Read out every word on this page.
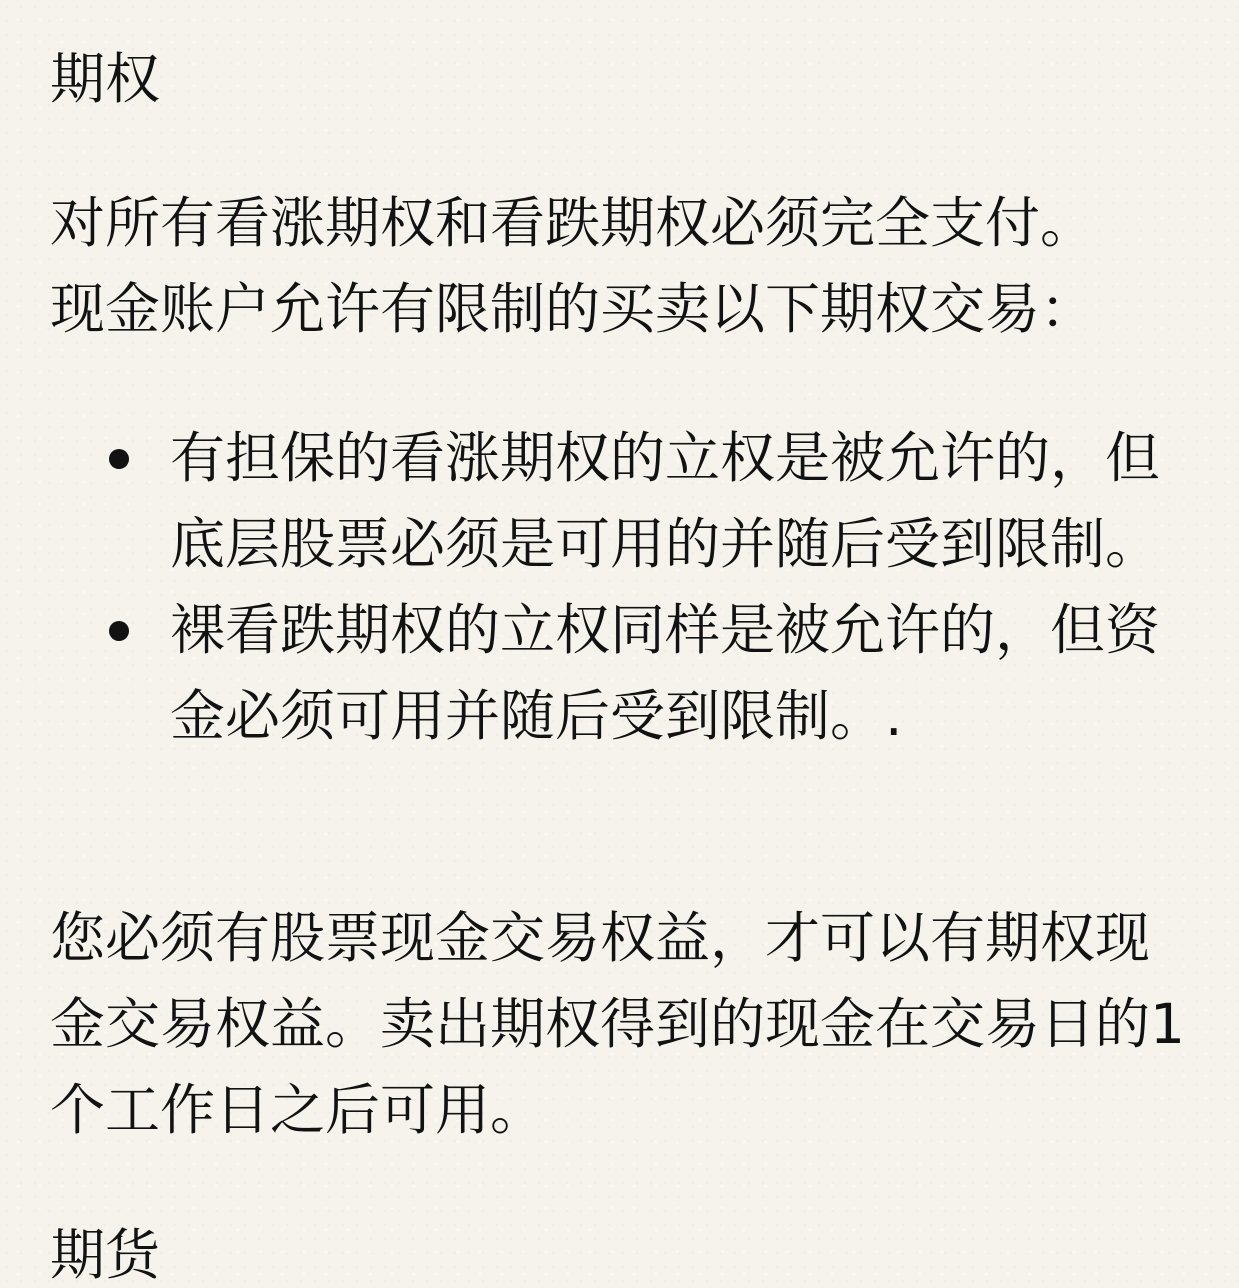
期权

对所有看涨期权和看跌期权必须完全支付。
现金账户允许有限制的买卖以下期权交易：

有担保的看涨期权的立权是被允许的，但底层股票必须是可用的并随后受到限制。
裸看跌期权的立权同样是被允许的，但资金必须可用并随后受到限制。.

您必须有股票现金交易权益，才可以有期权现金交易权益。卖出期权得到的现金在交易日的1个工作日之后可用。

期货
